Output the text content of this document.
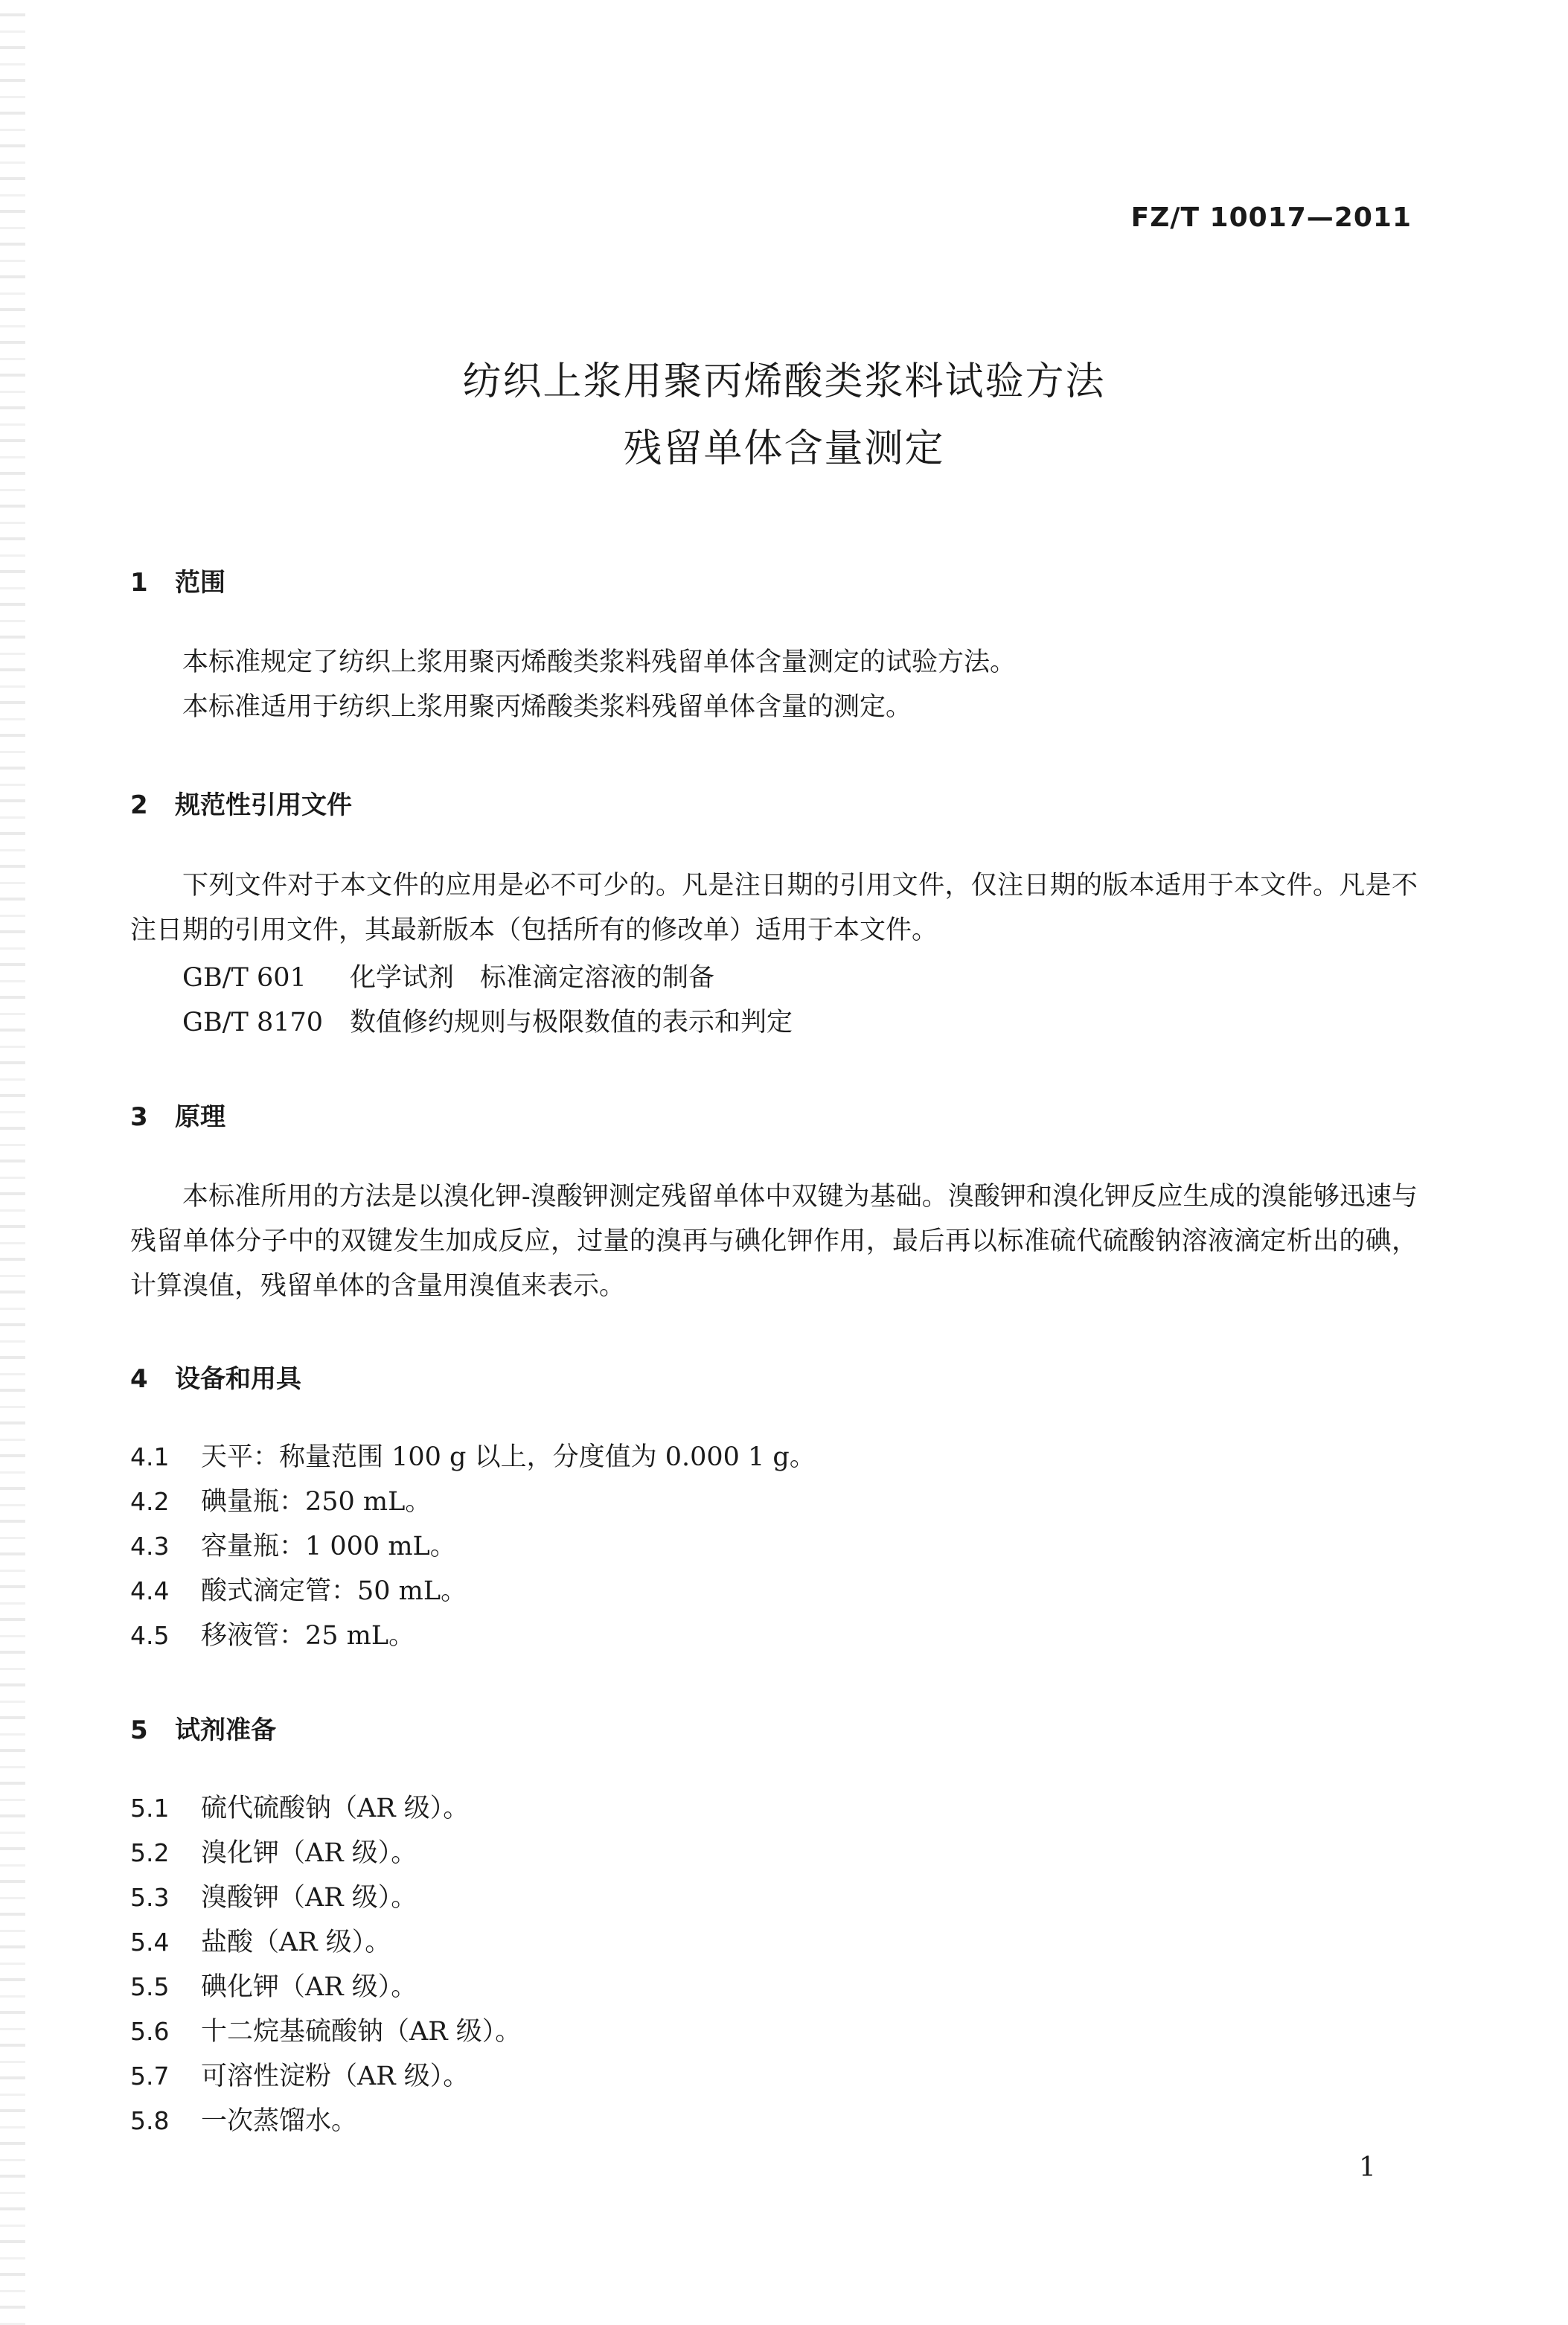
FZ/T 10017—2011
纺织上浆用聚丙烯酸类浆料试验方法
残留单体含量测定
1 范围
本标准规定了纺织上浆用聚丙烯酸类浆料残留单体含量测定的试验方法。
本标准适用于纺织上浆用聚丙烯酸类浆料残留单体含量的测定。
2 规范性引用文件
下列文件对于本文件的应用是必不可少的。凡是注日期的引用文件，仅注日期的版本适用于本文件。凡是不注日期的引用文件，其最新版本（包括所有的修改单）适用于本文件。
GB/T 601 化学试剂　标准滴定溶液的制备
GB/T 8170 数值修约规则与极限数值的表示和判定
3 原理
本标准所用的方法是以溴化钾-溴酸钾测定残留单体中双键为基础。溴酸钾和溴化钾反应生成的溴能够迅速与残留单体分子中的双键发生加成反应，过量的溴再与碘化钾作用，最后再以标准硫代硫酸钠溶液滴定析出的碘，计算溴值，残留单体的含量用溴值来表示。
4 设备和用具
4.1 天平：称量范围 100 g 以上，分度值为 0.000 1 g。
4.2 碘量瓶：250 mL。
4.3 容量瓶：1 000 mL。
4.4 酸式滴定管：50 mL。
4.5 移液管：25 mL。
5 试剂准备
5.1 硫代硫酸钠（AR 级）。
5.2 溴化钾（AR 级）。
5.3 溴酸钾（AR 级）。
5.4 盐酸（AR 级）。
5.5 碘化钾（AR 级）。
5.6 十二烷基硫酸钠（AR 级）。
5.7 可溶性淀粉（AR 级）。
5.8 一次蒸馏水。
1
